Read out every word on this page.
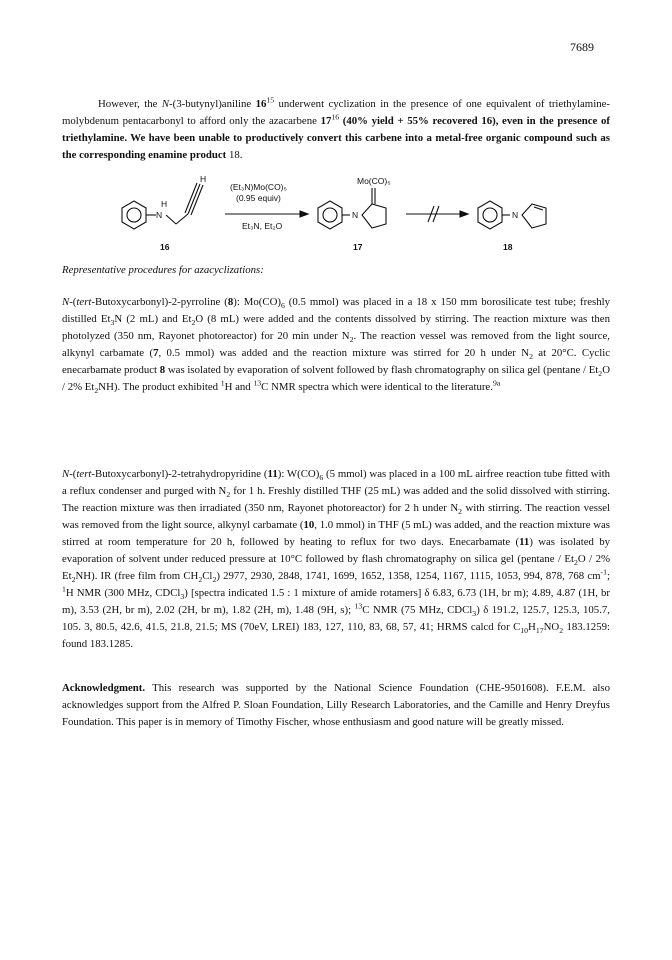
7689

However, the N-(3-butynyl)aniline $16^{15}$ underwent cyclization in the presence of one equivalent of triethylamine-molybdenum pentacarbonyl to afford only the azacarbene $17^{16}$ (40% yield + 55% recovered 16), even in the presence of triethylamine. We have been unable to productively convert this carbene into a metal-free organic compound such as the corresponding enamine product 18.

N
H
H
(Et₃N)Mo(CO)₅
(0.95 equiv)
Et₃N, Et₂O
N
Mo(CO)₅
N
16	17	18
Representative procedures for azacyclizations:

N-(tert-Butoxycarbonyl)-2-pyrroline (8): $Mo(CO)_6$ (0.5 mmol) was placed in a 18 x 150 mm borosilicate test tube; freshly distilled $Et_3N$ (2 mL) and $Et_2O$ (8 mL) were added and the contents dissolved by stirring. The reaction mixture was then photolyzed (350 nm, Rayonet photoreactor) for 20 min under $N_2$. The reaction vessel was removed from the light source, alkynyl carbamate (7, 0.5 mmol) was added and the reaction mixture was stirred for 20 h under $N_2$ at 20°C. Cyclic enecarbamate product 8 was isolated by evaporation of solvent followed by flash chromatography on silica gel ($pentane / Et_2O / 2\%$ $Et_2NH$). The product exhibited $^1$H and $^{13}$C NMR spectra which were identical to the literature.$^{9a}$

N-(tert-Butoxycarbonyl)-2-tetrahydropyridine (11): $W(CO)_6$ (5 mmol) was placed in a 100 mL airfree reaction tube fitted with a reflux condenser and purged with $N_2$ for 1 h. Freshly distilled THF (25 mL) was added and the solid dissolved with stirring. The reaction mixture was then irradiated (350 nm, Rayonet photoreactor) for 2 h under $N_2$ with stirring. The reaction vessel was removed from the light source, alkynyl carbamate (10, 1.0 mmol) in THF (5 mL) was added, and the reaction mixture was stirred at room temperature for 20 h, followed by heating to reflux for two days. Enecarbamate (11) was isolated by evaporation of solvent under reduced pressure at 10°C followed by flash chromatography on silica gel ($pentane / Et_2O / 2\%$ $Et_2NH$). IR (free film from $CH_2Cl_2$) 2977, 2930, 2848, 1741, 1699, 1652, 1358, 1254, 1167, 1115, 1053, 994, 878, 768 $cm^{-1}$; $^1$H NMR (300 MHz, CDCl$_3$) [spectra indicated 1.5 : 1 mixture of amide rotamers] δ 6.83, 6.73 (1H, br m); 4.89, 4.87 (1H, br m), 3.53 (2H, br m), 2.02 (2H, br m), 1.82 (2H, m), 1.48 (9H, s); $^{13}$C NMR (75 MHz, CDCl$_3$) δ 191.2, 125.7, 125.3, 105.7, 105. 3, 80.5, 42.6, 41.5, 21.8, 21.5; MS (70eV, LREI) 183, 127, 110, 83, 68, 57, 41; HRMS calcd for $C_{10}H_{17}NO_2$ 183.1259: found 183.1285.

Acknowledgment. This research was supported by the National Science Foundation (CHE-9501608). F.E.M. also acknowledges support from the Alfred P. Sloan Foundation, Lilly Research Laboratories, and the Camille and Henry Dreyfus Foundation. This paper is in memory of Timothy Fischer, whose enthusiasm and good nature will be greatly missed.
